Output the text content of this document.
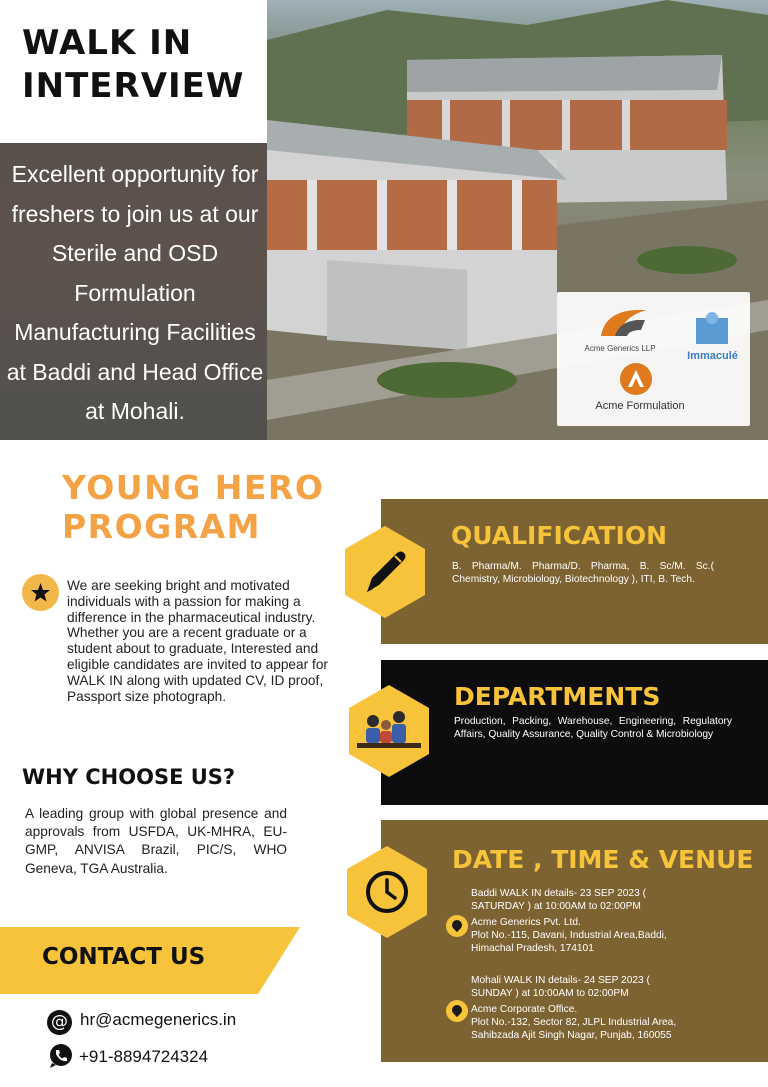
WALK IN
INTERVIEW
Excellent opportunity for freshers to join us at our Sterile and OSD Formulation Manufacturing Facilities at Baddi and Head Office at Mohali.
Acme Generics LLP
Immaculé
Acme Formulation
YOUNG HERO
PROGRAM
We are seeking bright and motivated individuals with a passion for making a difference in the pharmaceutical industry. Whether you are a recent graduate or a student about to graduate, Interested and eligible candidates are invited to appear for WALK IN along with updated CV, ID proof, Passport size photograph.
WHY CHOOSE US?
A leading group with global presence and approvals from USFDA, UK-MHRA, EU-GMP, ANVISA Brazil, PIC/S, WHO Geneva, TGA Australia.
CONTACT US
@ hr@acmegenerics.in
+91-8894724324
QUALIFICATION
B. Pharma/M. Pharma/D. Pharma, B. Sc/M. Sc.( Chemistry, Microbiology, Biotechnology ), ITI, B. Tech.
DEPARTMENTS
Production, Packing, Warehouse, Engineering, Regulatory Affairs, Quality Assurance, Quality Control & Microbiology
DATE , TIME & VENUE
Baddi WALK IN details- 23 SEP 2023 (
SATURDAY ) at 10:00AM to 02:00PM
Acme Generics Pvt. Ltd.
Plot No.-115, Davani, Industrial Area,Baddi,
Himachal Pradesh, 174101
Mohali WALK IN details- 24 SEP 2023 (
SUNDAY ) at 10:00AM to 02:00PM
Acme Corporate Office.
Plot No.-132, Sector 82, JLPL Industrial Area,
Sahibzada Ajit Singh Nagar, Punjab, 160055
